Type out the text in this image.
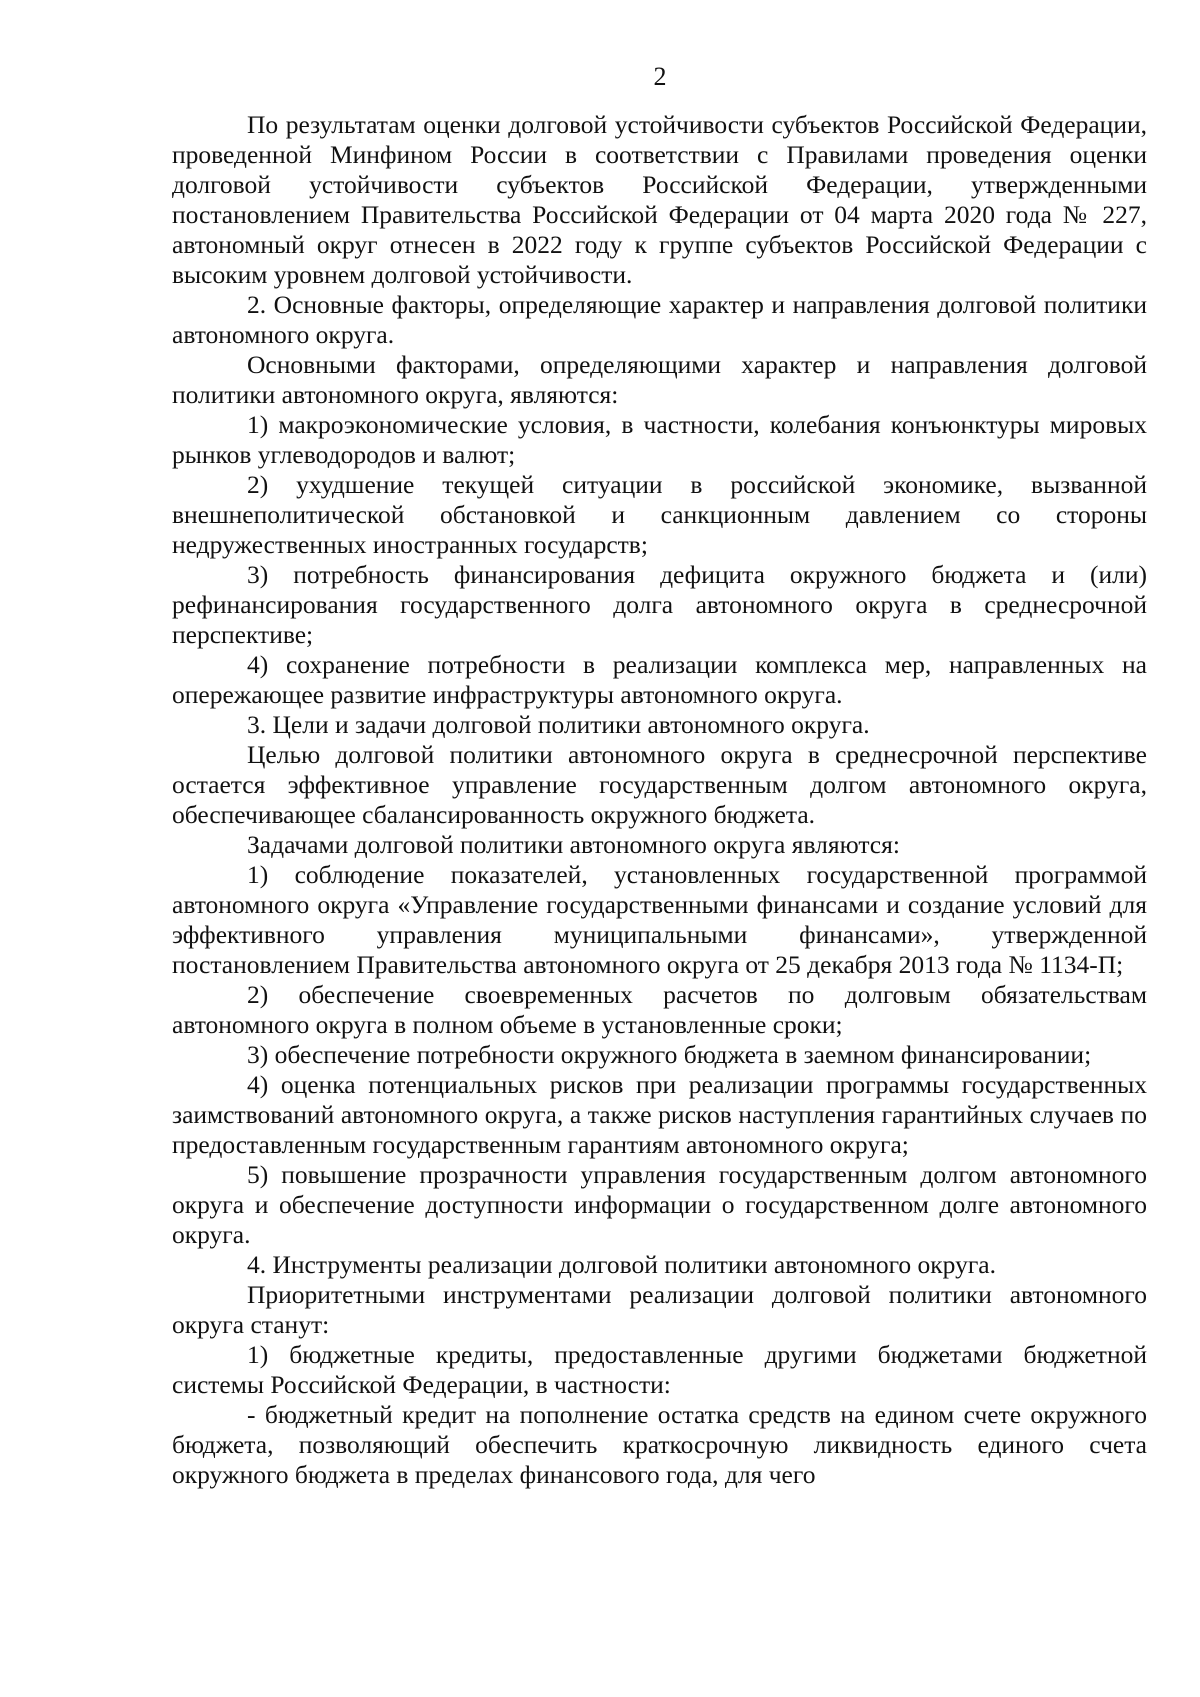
2

По результатам оценки долговой устойчивости субъектов Российской Федерации, проведенной Минфином России в соответствии с Правилами проведения оценки долговой устойчивости субъектов Российской Федерации, утвержденными постановлением Правительства Российской Федерации от 04 марта 2020 года № 227, автономный округ отнесен в 2022 году к группе субъектов Российской Федерации с высоким уровнем долговой устойчивости.

2. Основные факторы, определяющие характер и направления долговой политики автономного округа.

Основными факторами, определяющими характер и направления долговой политики автономного округа, являются:

1) макроэкономические условия, в частности, колебания конъюнктуры мировых рынков углеводородов и валют;

2) ухудшение текущей ситуации в российской экономике, вызванной внешнеполитической обстановкой и санкционным давлением со стороны недружественных иностранных государств;

3) потребность финансирования дефицита окружного бюджета и (или) рефинансирования государственного долга автономного округа в среднесрочной перспективе;

4) сохранение потребности в реализации комплекса мер, направленных на опережающее развитие инфраструктуры автономного округа.

3. Цели и задачи долговой политики автономного округа.

Целью долговой политики автономного округа в среднесрочной перспективе остается эффективное управление государственным долгом автономного округа, обеспечивающее сбалансированность окружного бюджета.

Задачами долговой политики автономного округа являются:

1) соблюдение показателей, установленных государственной программой автономного округа «Управление государственными финансами и создание условий для эффективного управления муниципальными финансами», утвержденной постановлением Правительства автономного округа от 25 декабря 2013 года № 1134-П;

2) обеспечение своевременных расчетов по долговым обязательствам автономного округа в полном объеме в установленные сроки;

3) обеспечение потребности окружного бюджета в заемном финансировании;

4) оценка потенциальных рисков при реализации программы государственных заимствований автономного округа, а также рисков наступления гарантийных случаев по предоставленным государственным гарантиям автономного округа;

5) повышение прозрачности управления государственным долгом автономного округа и обеспечение доступности информации о государственном долге автономного округа.

4. Инструменты реализации долговой политики автономного округа.

Приоритетными инструментами реализации долговой политики автономного округа станут:

1) бюджетные кредиты, предоставленные другими бюджетами бюджетной системы Российской Федерации, в частности:

- бюджетный кредит на пополнение остатка средств на едином счете окружного бюджета, позволяющий обеспечить краткосрочную ликвидность единого счета окружного бюджета в пределах финансового года, для чего
